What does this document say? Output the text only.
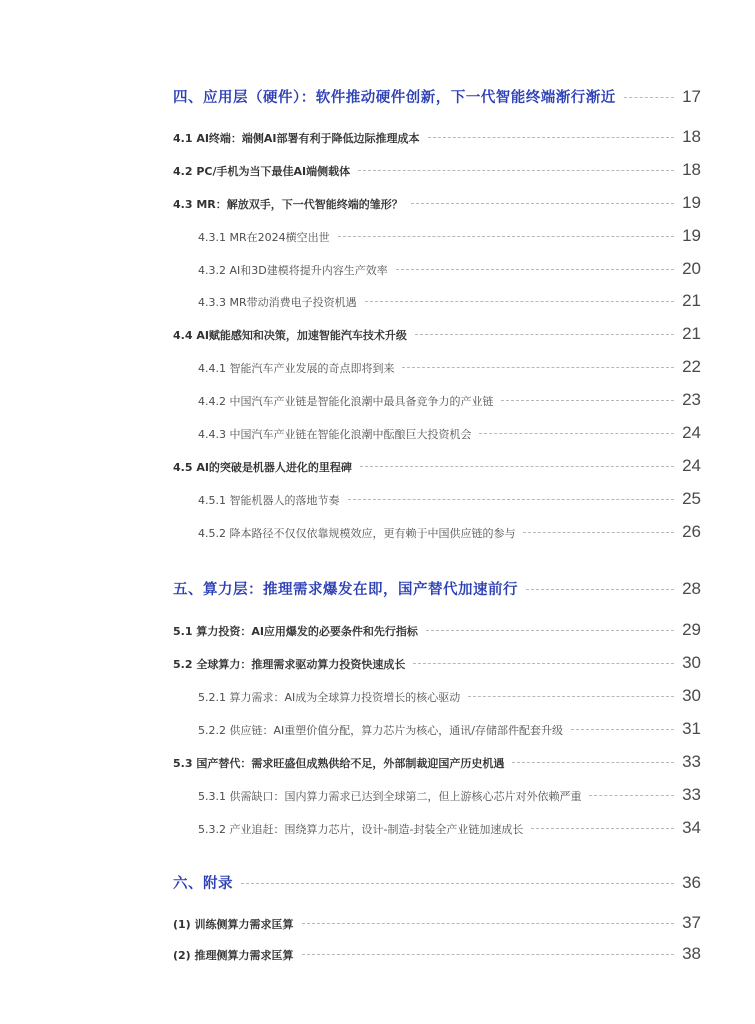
四、应用层（硬件）：软件推动硬件创新，下一代智能终端渐行渐近	17
4.1 AI终端：端侧AI部署有利于降低边际推理成本	18
4.2 PC/手机为当下最佳AI端侧载体	18
4.3 MR：解放双手，下一代智能终端的雏形？	19
4.3.1 MR在2024横空出世	19
4.3.2 AI和3D建模将提升内容生产效率	20
4.3.3 MR带动消费电子投资机遇	21
4.4 AI赋能感知和决策，加速智能汽车技术升级	21
4.4.1 智能汽车产业发展的奇点即将到来	22
4.4.2 中国汽车产业链是智能化浪潮中最具备竞争力的产业链	23
4.4.3 中国汽车产业链在智能化浪潮中酝酿巨大投资机会	24
4.5 AI的突破是机器人进化的里程碑	24
4.5.1 智能机器人的落地节奏	25
4.5.2 降本路径不仅仅依靠规模效应，更有赖于中国供应链的参与	26
五、算力层：推理需求爆发在即，国产替代加速前行	28
5.1 算力投资：AI应用爆发的必要条件和先行指标	29
5.2 全球算力：推理需求驱动算力投资快速成长	30
5.2.1 算力需求：AI成为全球算力投资增长的核心驱动	30
5.2.2 供应链：AI重塑价值分配，算力芯片为核心，通讯/存储部件配套升级	31
5.3 国产替代：需求旺盛但成熟供给不足，外部制裁迎国产历史机遇	33
5.3.1 供需缺口：国内算力需求已达到全球第二，但上游核心芯片对外依赖严重	33
5.3.2 产业追赶：围绕算力芯片，设计-制造-封装全产业链加速成长	34
六、附录	36
(1) 训练侧算力需求匡算	37
(2) 推理侧算力需求匡算	38
